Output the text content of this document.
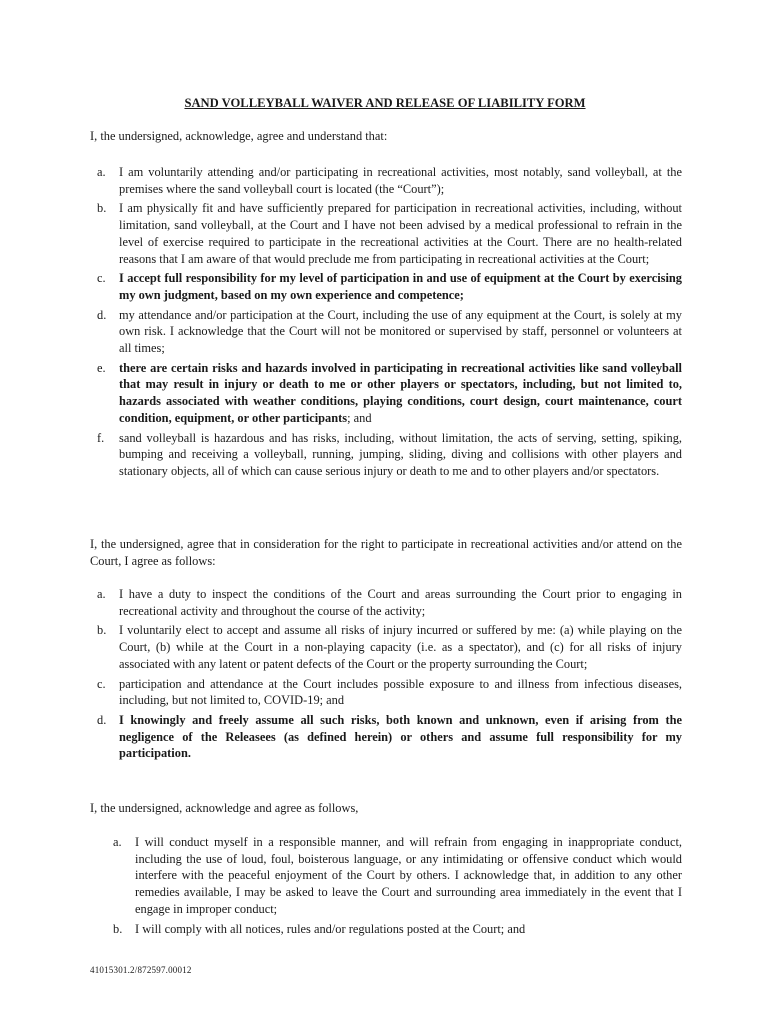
SAND VOLLEYBALL WAIVER AND RELEASE OF LIABILITY FORM
I, the undersigned, acknowledge, agree and understand that:
a.	I am voluntarily attending and/or participating in recreational activities, most notably, sand volleyball, at the premises where the sand volleyball court is located (the “Court”);
b.	I am physically fit and have sufficiently prepared for participation in recreational activities, including, without limitation, sand volleyball, at the Court and I have not been advised by a medical professional to refrain in the level of exercise required to participate in the recreational activities at the Court. There are no health-related reasons that I am aware of that would preclude me from participating in recreational activities at the Court;
c.	I accept full responsibility for my level of participation in and use of equipment at the Court by exercising my own judgment, based on my own experience and competence;
d.	my attendance and/or participation at the Court, including the use of any equipment at the Court, is solely at my own risk. I acknowledge that the Court will not be monitored or supervised by staff, personnel or volunteers at all times;
e.	there are certain risks and hazards involved in participating in recreational activities like sand volleyball that may result in injury or death to me or other players or spectators, including, but not limited to, hazards associated with weather conditions, playing conditions, court design, court maintenance, court condition, equipment, or other participants; and
f.	sand volleyball is hazardous and has risks, including, without limitation, the acts of serving, setting, spiking, bumping and receiving a volleyball, running, jumping, sliding, diving and collisions with other players and stationary objects, all of which can cause serious injury or death to me and to other players and/or spectators.
I, the undersigned, agree that in consideration for the right to participate in recreational activities and/or attend on the Court, I agree as follows:
a.	I have a duty to inspect the conditions of the Court and areas surrounding the Court prior to engaging in recreational activity and throughout the course of the activity;
b.	I voluntarily elect to accept and assume all risks of injury incurred or suffered by me: (a) while playing on the Court, (b) while at the Court in a non-playing capacity (i.e. as a spectator), and (c) for all risks of injury associated with any latent or patent defects of the Court or the property surrounding the Court;
c.	participation and attendance at the Court includes possible exposure to and illness from infectious diseases, including, but not limited to, COVID-19; and
d.	I knowingly and freely assume all such risks, both known and unknown, even if arising from the negligence of the Releasees (as defined herein) or others and assume full responsibility for my participation.
I, the undersigned, acknowledge and agree as follows,
a.	I will conduct myself in a responsible manner, and will refrain from engaging in inappropriate conduct, including the use of loud, foul, boisterous language, or any intimidating or offensive conduct which would interfere with the peaceful enjoyment of the Court by others. I acknowledge that, in addition to any other remedies available, I may be asked to leave the Court and surrounding area immediately in the event that I engage in improper conduct;
b.	I will comply with all notices, rules and/or regulations posted at the Court; and
41015301.2/872597.00012
